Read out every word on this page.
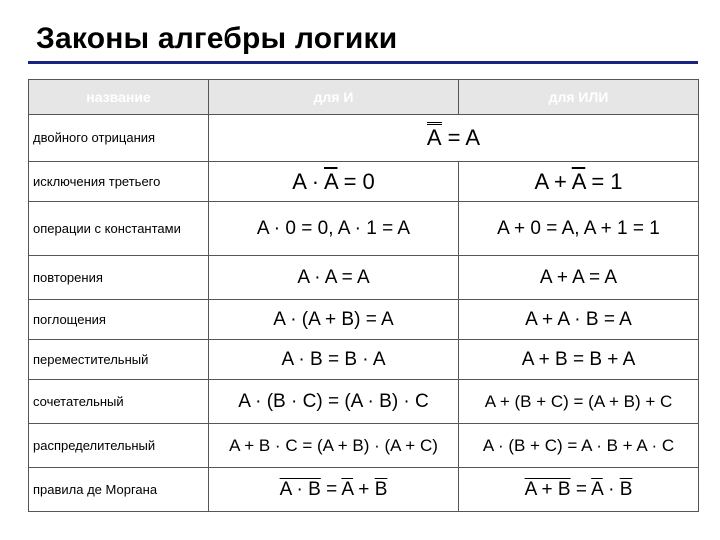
Законы алгебры логики
название	для И	для ИЛИ
двойного отрицания	A = A	
исключения третьего	$A \cdot \overline{A} = 0$	$A + \overline{A} = 1$
операции с константами	A · 0 = 0, A · 1 = A	A + 0 = A, A + 1 = 1
повторения	A · A = A	A + A = A
поглощения	A · (A + B) = A	A + A · B = A
переместительный	A · B = B · A	A + B = B + A
сочетательный	A · (B · C) = (A · B) · C	A + (B + C) = (A + B) + C
распределительный	A + B · C = (A + B) · (A + C)	A · (B + C) = A · B + A · C
правила де Моргана	$A \cdot B = \overline{A} + \overline{B}$	$A + B = \overline{A} \cdot \overline{B}$
